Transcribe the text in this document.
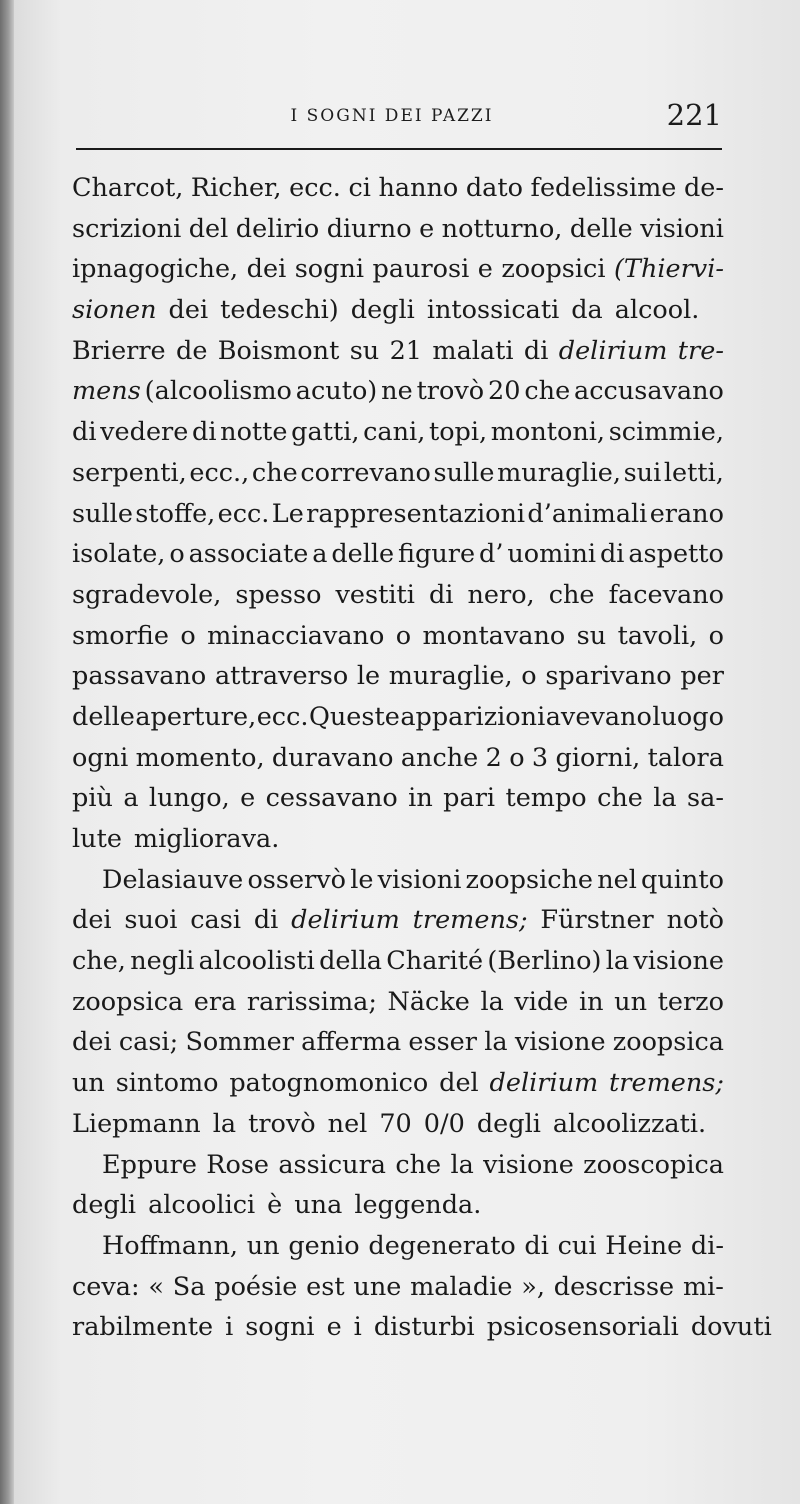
I SOGNI DEI PAZZI	221
Charcot, Richer, ecc. ci hanno dato fedelissime de-
scrizioni del delirio diurno e notturno, delle visioni
ipnagogiche, dei sogni paurosi e zoopsici (Thiervi-
sionen dei tedeschi) degli intossicati da alcool.
Brierre de Boismont su 21 malati di delirium tre-
mens (alcoolismo acuto) ne trovò 20 che accusavano
di vedere di notte gatti, cani, topi, montoni, scimmie,
serpenti, ecc., che correvano sulle muraglie, sui letti,
sulle stoffe, ecc. Le rappresentazioni d’animali erano
isolate, o associate a delle figure d’ uomini di aspetto
sgradevole, spesso vestiti di nero, che facevano
smorfie o minacciavano o montavano su tavoli, o
passavano attraverso le muraglie, o sparivano per
delle aperture, ecc. Queste apparizioni avevano luogo
ogni momento, duravano anche 2 o 3 giorni, talora
più a lungo, e cessavano in pari tempo che la sa-
lute migliorava.
Delasiauve osservò le visioni zoopsiche nel quinto
dei suoi casi di delirium tremens; Fürstner notò
che, negli alcoolisti della Charité (Berlino) la visione
zoopsica era rarissima; Näcke la vide in un terzo
dei casi; Sommer afferma esser la visione zoopsica
un sintomo patognomonico del delirium tremens;
Liepmann la trovò nel 70 0/0 degli alcoolizzati.
Eppure Rose assicura che la visione zooscopica
degli alcoolici è una leggenda.
Hoffmann, un genio degenerato di cui Heine di-
ceva: « Sa poésie est une maladie », descrisse mi-
rabilmente i sogni e i disturbi psicosensoriali dovuti
